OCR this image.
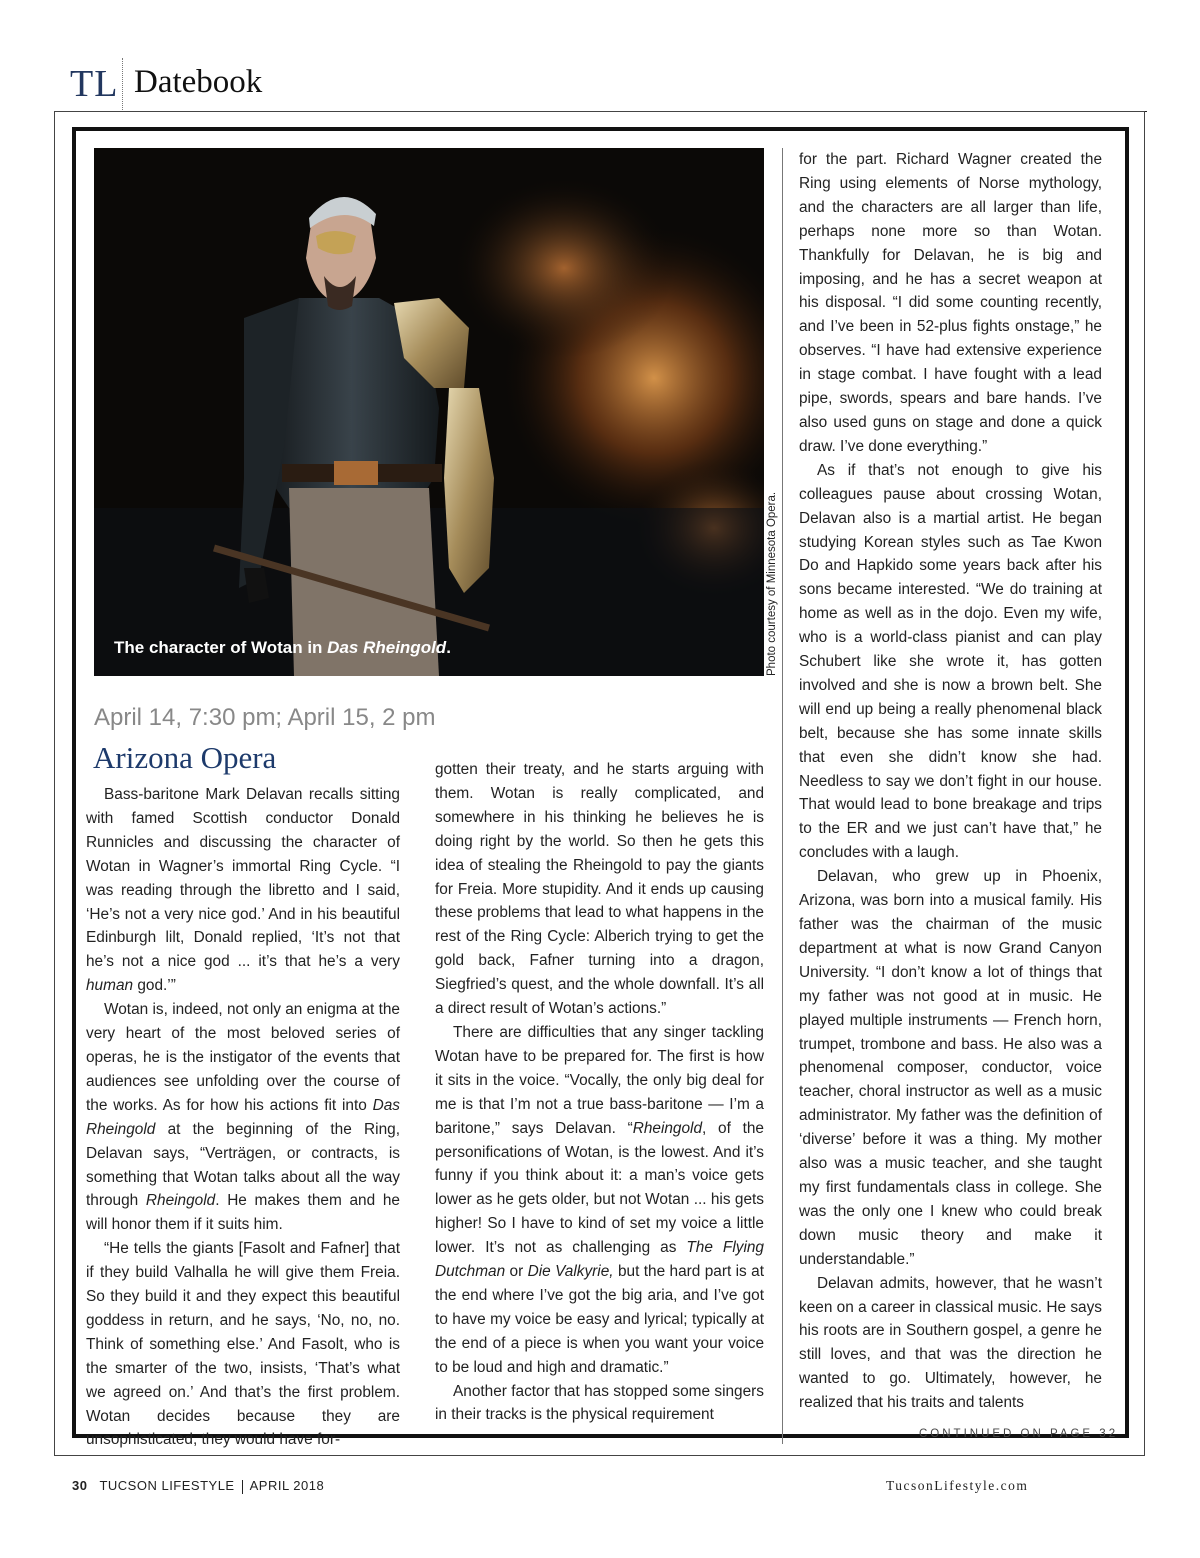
TL Datebook
The character of Wotan in Das Rheingold.	Photo courtesy of Minnesota Opera.
April 14, 7:30 pm; April 15, 2 pm
Arizona Opera

Bass-baritone Mark Delavan recalls sitting with famed Scottish conductor Donald Runnicles and discussing the character of Wotan in Wagner’s immortal Ring Cycle. “I was reading through the libretto and I said, ‘He’s not a very nice god.’ And in his beautiful Edinburgh lilt, Donald replied, ‘It’s not that he’s not a nice god ... it’s that he’s a very human god.’”

Wotan is, indeed, not only an enigma at the very heart of the most beloved series of operas, he is the instigator of the events that audiences see unfolding over the course of the works. As for how his actions fit into Das Rheingold at the beginning of the Ring, Delavan says, “Verträgen, or contracts, is something that Wotan talks about all the way through Rheingold. He makes them and he will honor them if it suits him.

“He tells the giants [Fasolt and Fafner] that if they build Valhalla he will give them Freia. So they build it and they expect this beautiful goddess in return, and he says, ‘No, no, no. Think of something else.’ And Fasolt, who is the smarter of the two, insists, ‘That’s what we agreed on.’ And that’s the first problem. Wotan decides because they are unsophisticated, they would have for-

gotten their treaty, and he starts arguing with them. Wotan is really complicated, and somewhere in his thinking he believes he is doing right by the world. So then he gets this idea of stealing the Rheingold to pay the giants for Freia. More stupidity. And it ends up causing these problems that lead to what happens in the rest of the Ring Cycle: Alberich trying to get the gold back, Fafner turning into a dragon, Siegfried’s quest, and the whole downfall. It’s all a direct result of Wotan’s actions.”

There are difficulties that any singer tackling Wotan have to be prepared for. The first is how it sits in the voice. “Vocally, the only big deal for me is that I’m not a true bass-baritone — I’m a baritone,” says Delavan. “Rheingold, of the personifications of Wotan, is the lowest. And it’s funny if you think about it: a man’s voice gets lower as he gets older, but not Wotan ... his gets higher! So I have to kind of set my voice a little lower. It’s not as challenging as The Flying Dutchman or Die Valkyrie, but the hard part is at the end where I’ve got the big aria, and I’ve got to have my voice be easy and lyrical; typically at the end of a piece is when you want your voice to be loud and high and dramatic.”

Another factor that has stopped some singers in their tracks is the physical requirement

for the part. Richard Wagner created the Ring using elements of Norse mythology, and the characters are all larger than life, perhaps none more so than Wotan. Thankfully for Delavan, he is big and imposing, and he has a secret weapon at his disposal. “I did some counting recently, and I’ve been in 52-plus fights onstage,” he observes. “I have had extensive experience in stage combat. I have fought with a lead pipe, swords, spears and bare hands. I’ve also used guns on stage and done a quick draw. I’ve done everything.”

As if that’s not enough to give his colleagues pause about crossing Wotan, Delavan also is a martial artist. He began studying Korean styles such as Tae Kwon Do and Hapkido some years back after his sons became interested. “We do training at home as well as in the dojo. Even my wife, who is a world-class pianist and can play Schubert like she wrote it, has gotten involved and she is now a brown belt. She will end up being a really phenomenal black belt, because she has some innate skills that even she didn’t know she had. Needless to say we don’t fight in our house. That would lead to bone breakage and trips to the ER and we just can’t have that,” he concludes with a laugh.

Delavan, who grew up in Phoenix, Arizona, was born into a musical family. His father was the chairman of the music department at what is now Grand Canyon University. “I don’t know a lot of things that my father was not good at in music. He played multiple instruments — French horn, trumpet, trombone and bass. He also was a phenomenal composer, conductor, voice teacher, choral instructor as well as a music administrator. My father was the definition of ‘diverse’ before it was a thing. My mother also was a music teacher, and she taught my first fundamentals class in college. She was the only one I knew who could break down music theory and make it understandable.”

Delavan admits, however, that he wasn’t keen on a career in classical music. He says his roots are in Southern gospel, a genre he still loves, and that was the direction he wanted to go. Ultimately, however, he realized that his traits and talents

CONTINUED ON PAGE 32
30 TUCSON LIFESTYLE APRIL 2018	TucsonLifestyle.com
